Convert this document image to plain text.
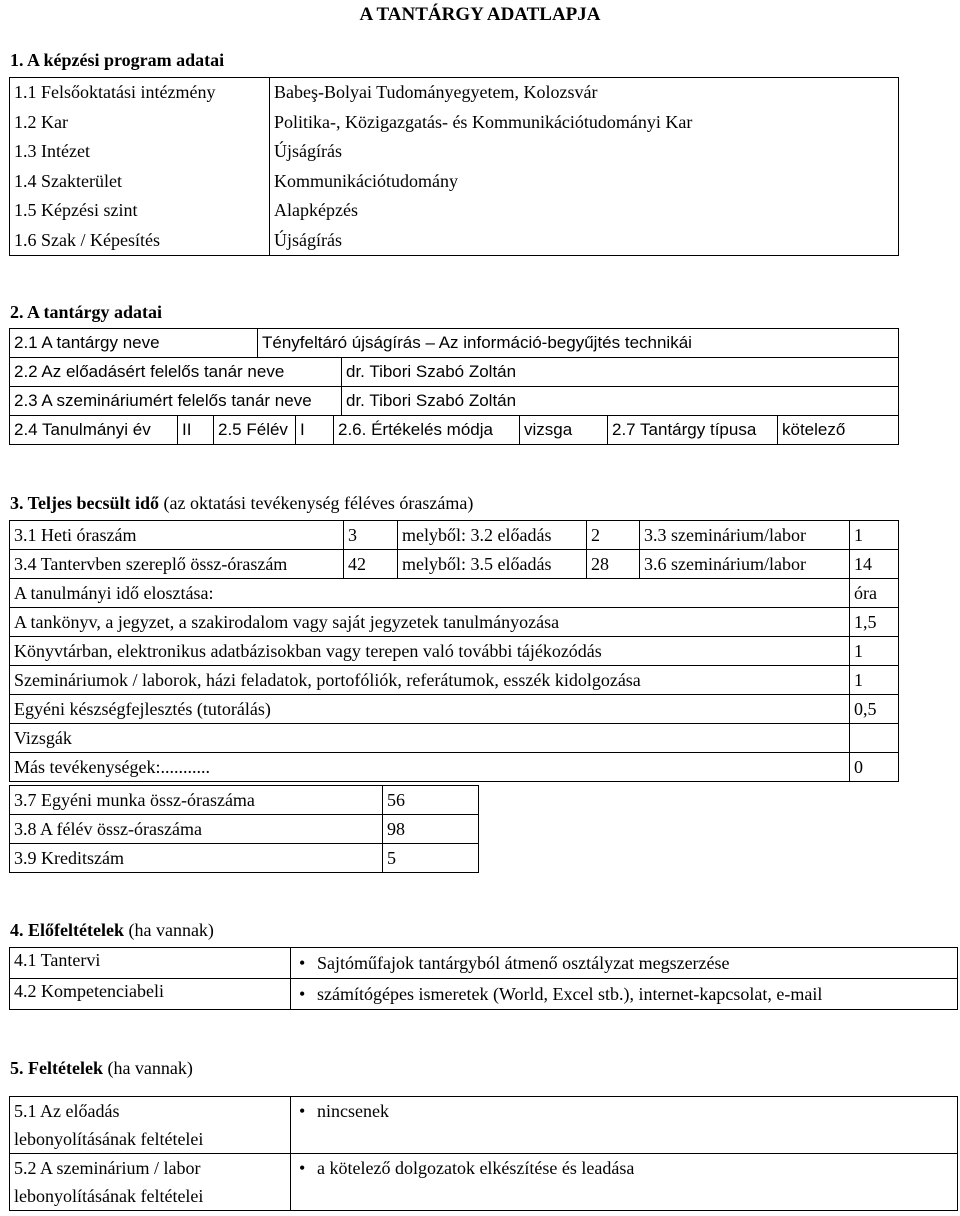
A TANTÁRGY ADATLAPJA
1. A képzési program adatai
1.1 Felsőoktatási intézmény	Babeş-Bolyai Tudományegyetem, Kolozsvár
1.2 Kar	Politika-, Közigazgatás- és Kommunikációtudományi Kar
1.3 Intézet	Újságírás
1.4 Szakterület	Kommunikációtudomány
1.5 Képzési szint	Alapképzés
1.6 Szak / Képesítés	Újságírás
2. A tantárgy adatai
2.1 A tantárgy neve	Tényfeltáró újságírás – Az információ-begyűjtés technikái
2.2 Az előadásért felelős tanár neve	dr. Tibori Szabó Zoltán
2.3 A szemináriumért felelős tanár neve	dr. Tibori Szabó Zoltán
2.4 Tanulmányi év	II	2.5 Félév	I	2.6. Értékelés módja	vizsga	2.7 Tantárgy típusa	kötelező
3. Teljes becsült idő (az oktatási tevékenység féléves óraszáma)
3.1 Heti óraszám	3	melyből: 3.2 előadás	2	3.3 szeminárium/labor	1
3.4 Tantervben szereplő össz-óraszám	42	melyből: 3.5 előadás	28	3.6 szeminárium/labor	14
A tanulmányi idő elosztása:	óra
A tankönyv, a jegyzet, a szakirodalom vagy saját jegyzetek tanulmányozása	1,5
Könyvtárban, elektronikus adatbázisokban vagy terepen való további tájékozódás	1
Szemináriumok / laborok, házi feladatok, portofóliók, referátumok, esszék kidolgozása	1
Egyéni készségfejlesztés (tutorálás)	0,5
Vizsgák	
Más tevékenységek:...........	0
3.7 Egyéni munka össz-óraszáma	56
3.8 A félév össz-óraszáma	98
3.9 Kreditszám	5
4. Előfeltételek (ha vannak)
4.1 Tantervi	• Sajtóműfajok tantárgyból átmenő osztályzat megszerzése
4.2 Kompetenciabeli	• számítógépes ismeretek (World, Excel stb.), internet-kapcsolat, e-mail
5. Feltételek (ha vannak)
5.1 Az előadás
lebonyolításának feltételei	• nincsenek

5.2 A szeminárium / labor
lebonyolításának feltételei	• a kötelező dolgozatok elkészítése és leadása
